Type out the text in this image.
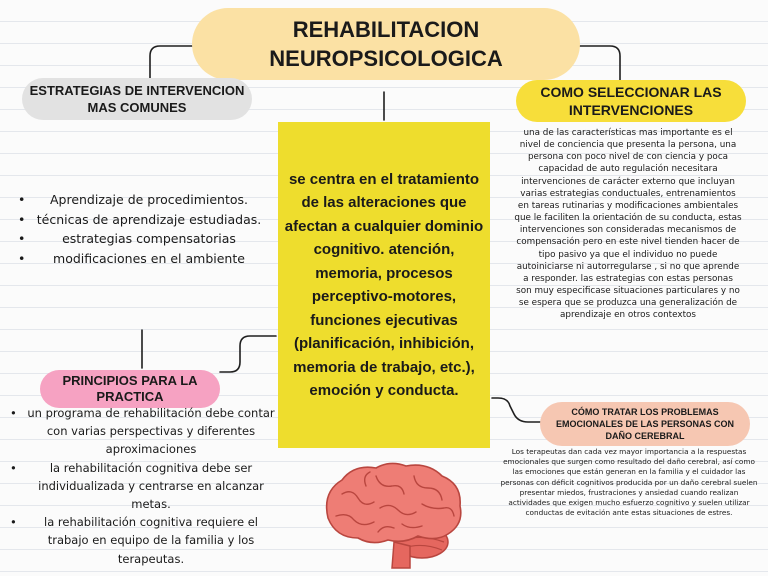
REHABILITACION NEUROPSICOLOGICA
ESTRATEGIAS DE INTERVENCION MAS COMUNES
• Aprendizaje de procedimientos.
• técnicas de aprendizaje estudiadas.
• estrategias compensatorias
• modificaciones en el ambiente
se centra en el tratamiento de las alteraciones que afectan a cualquier dominio cognitivo. atención, memoria, procesos perceptivo-motores, funciones ejecutivas (planificación, inhibición, memoria de trabajo, etc.), emoción y conducta.
COMO SELECCIONAR LAS INTERVENCIONES
una de las características mas importante es el nivel de conciencia que presenta la persona, una persona con poco nivel de con ciencia y poca capacidad de auto regulación necesitara intervenciones de carácter externo que incluyan varias estrategias conductuales, entrenamientos en tareas rutinarias y modificaciones ambientales que le faciliten la orientación de su conducta, estas intervenciones son consideradas mecanismos de compensación pero en este nivel tienden hacer de tipo pasivo ya que el individuo no puede autoiniciarse ni autorregularse , si no que aprende a responder. las estrategias con estas personas son muy especificase situaciones particulares y no se espera que se produzca una generalización de aprendizaje en otros contextos
PRINCIPIOS PARA LA PRACTICA
• un programa de rehabilitación debe contar con varias perspectivas y diferentes aproximaciones
• la rehabilitación cognitiva debe ser individualizada y centrarse en alcanzar metas.
• la rehabilitación cognitiva requiere el trabajo en equipo de la familia y los terapeutas.
CÓMO TRATAR LOS PROBLEMAS EMOCIONALES DE LAS PERSONAS CON DAÑO CEREBRAL
Los terapeutas dan cada vez mayor importancia a la respuestas emocionales que surgen como resultado del daño cerebral, así como las emociones que están generan en la familia y el cuidador las personas con déficit cognitivos producida por un daño cerebral suelen presentar miedos, frustraciones y ansiedad cuando realizan actividades que exigen mucho esfuerzo cognitivo y suelen utilizar conductas de evitación ante estas situaciones de estres.
